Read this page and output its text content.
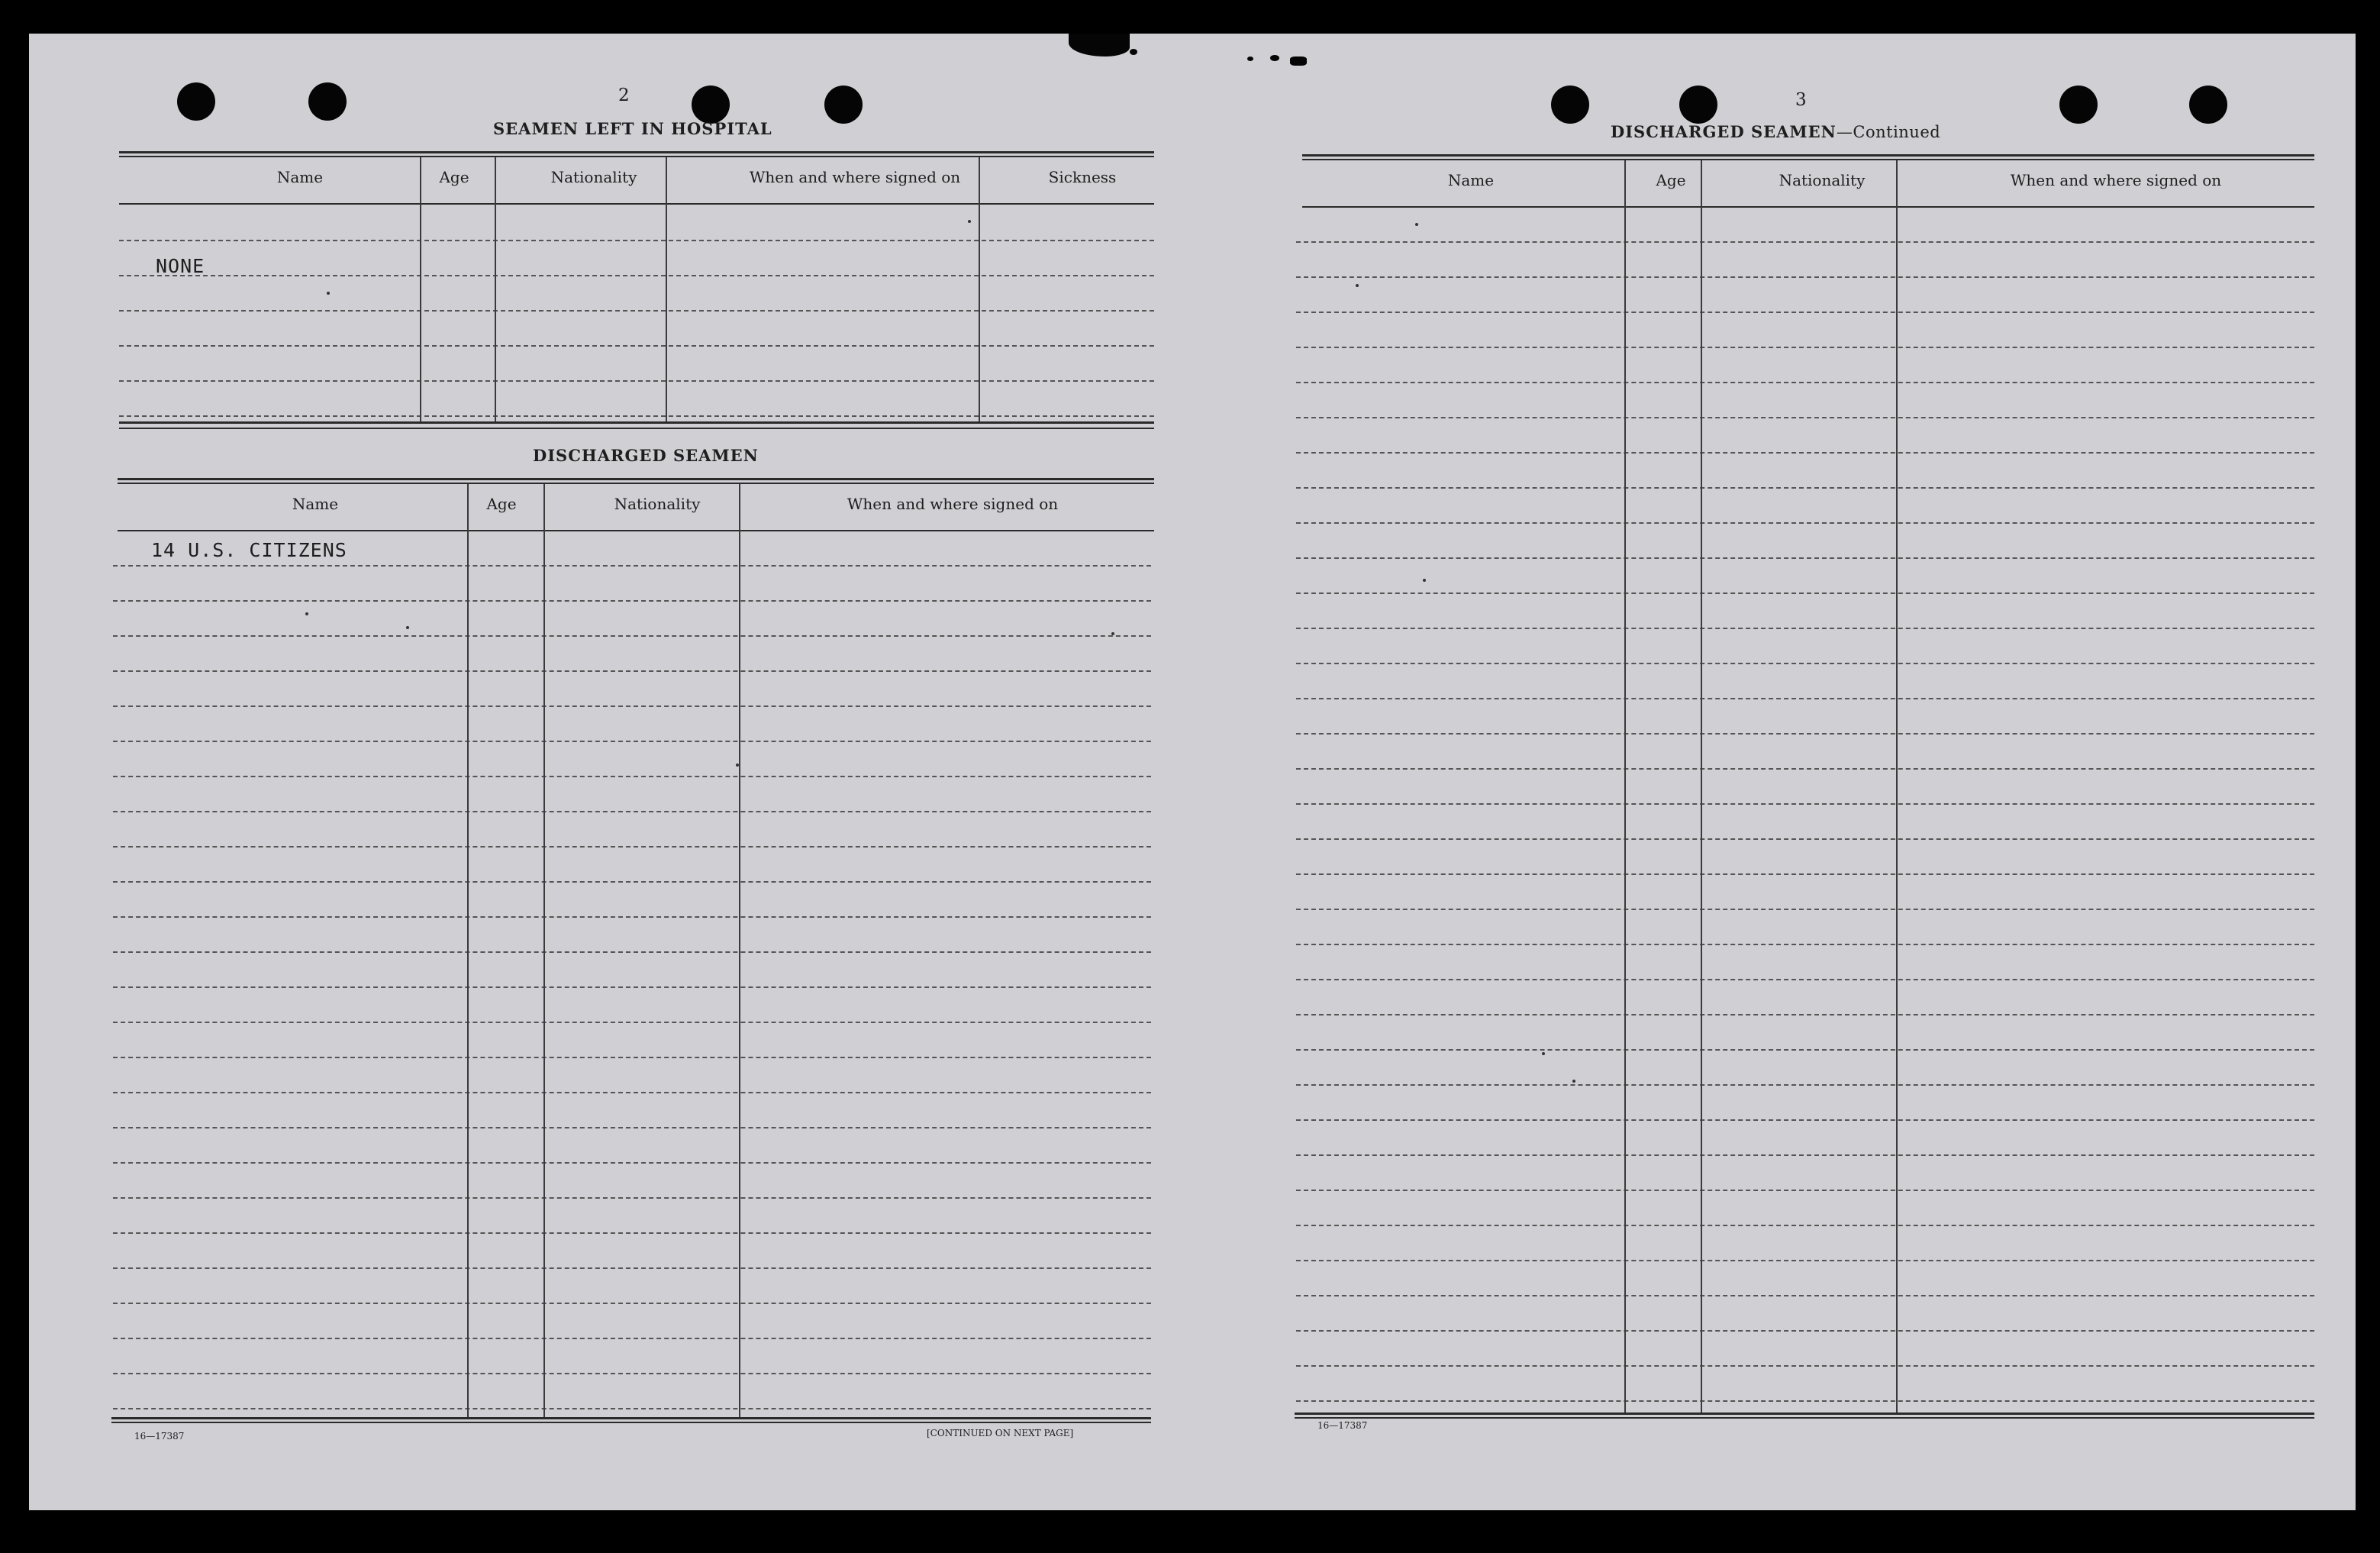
2
SEAMEN LEFT IN HOSPITAL
Name	Age	Nationality	When and where signed on	Sickness
NONE
DISCHARGED SEAMEN
Name	Age	Nationality	When and where signed on
14 U.S. CITIZENS
16—17387	[CONTINUED ON NEXT PAGE]
3
DISCHARGED SEAMEN—Continued
Name	Age	Nationality	When and where signed on
16—17387
